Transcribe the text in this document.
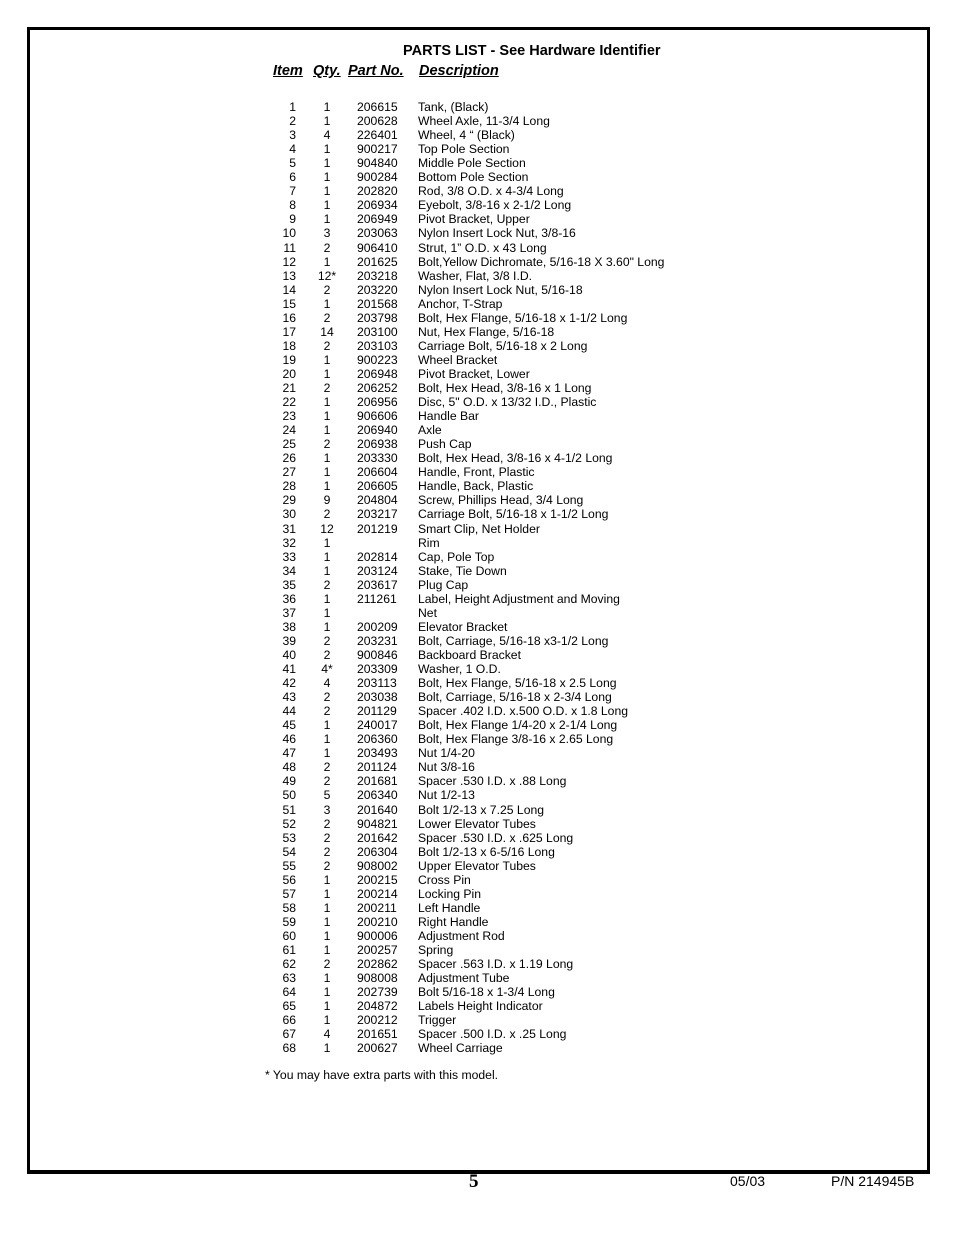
PARTS LIST - See Hardware Identifier
Item Qty. Part No. Description
1	1	206615 Tank, (Black)
2	1	200628 Wheel Axle, 11-3/4 Long
3	4	226401 Wheel, 4 “ (Black)
4	1	900217 Top Pole Section
5	1	904840 Middle Pole Section
6	1	900284 Bottom Pole Section
7	1	202820 Rod, 3/8 O.D. x 4-3/4 Long
8	1	206934 Eyebolt, 3/8-16 x 2-1/2 Long
9	1	206949 Pivot Bracket, Upper
10	3	203063 Nylon Insert Lock Nut, 3/8-16
11	2	906410 Strut, 1” O.D. x 43 Long
12	1	201625 Bolt,Yellow Dichromate, 5/16-18 X 3.60" Long
13 12* 203218 Washer, Flat, 3/8 I.D.
14	2	203220 Nylon Insert Lock Nut, 5/16-18
15	1	201568 Anchor, T-Strap
16	2	203798 Bolt, Hex Flange, 5/16-18 x 1-1/2 Long
17	14	203100 Nut, Hex Flange, 5/16-18
18	2	203103 Carriage Bolt, 5/16-18 x 2 Long
19	1	900223 Wheel Bracket
20	1	206948 Pivot Bracket, Lower
21	2	206252 Bolt, Hex Head, 3/8-16 x 1 Long
22	1	206956 Disc, 5" O.D. x 13/32 I.D., Plastic
23	1	906606 Handle Bar
24	1	206940 Axle
25	2	206938 Push Cap
26	1	203330 Bolt, Hex Head, 3/8-16 x 4-1/2 Long
27	1	206604 Handle, Front, Plastic
28	1	206605 Handle, Back, Plastic
29	9	204804 Screw, Phillips Head, 3/4 Long
30	2	203217 Carriage Bolt, 5/16-18 x 1-1/2 Long
31	12	201219 Smart Clip, Net Holder
32	1	Rim
33	1	202814 Cap, Pole Top
34	1	203124 Stake, Tie Down
35	2	203617 Plug Cap
36	1	211261 Label, Height Adjustment and Moving
37	1	Net
38	1	200209 Elevator Bracket
39	2	203231 Bolt, Carriage, 5/16-18 x3-1/2 Long
40	2	900846 Backboard Bracket
41	4*	203309 Washer, 1 O.D.
42	4	203113 Bolt, Hex Flange, 5/16-18 x 2.5 Long
43	2	203038 Bolt, Carriage, 5/16-18 x 2-3/4 Long
44	2	201129 Spacer .402 I.D. x.500 O.D. x 1.8 Long
45	1	240017 Bolt, Hex Flange 1/4-20 x 2-1/4 Long
46	1	206360 Bolt, Hex Flange 3/8-16 x 2.65 Long
47	1	203493 Nut 1/4-20
48	2	201124 Nut 3/8-16
49	2	201681 Spacer .530 I.D. x .88 Long
50	5	206340 Nut 1/2-13
51	3	201640 Bolt 1/2-13 x 7.25 Long
52	2	904821 Lower Elevator Tubes
53	2	201642 Spacer .530 I.D. x .625 Long
54	2	206304 Bolt 1/2-13 x 6-5/16 Long
55	2	908002 Upper Elevator Tubes
56	1	200215 Cross Pin
57	1	200214 Locking Pin
58	1	200211 Left Handle
59	1	200210 Right Handle
60	1	900006 Adjustment Rod
61	1	200257 Spring
62	2	202862 Spacer .563 I.D. x 1.19 Long
63	1	908008 Adjustment Tube
64	1	202739 Bolt 5/16-18 x 1-3/4 Long
65	1	204872 Labels Height Indicator
66	1	200212 Trigger
67	4	201651 Spacer .500 I.D. x .25 Long
68	1	200627 Wheel Carriage
* You may have extra parts with this model.
5	05/03	P/N 214945B
